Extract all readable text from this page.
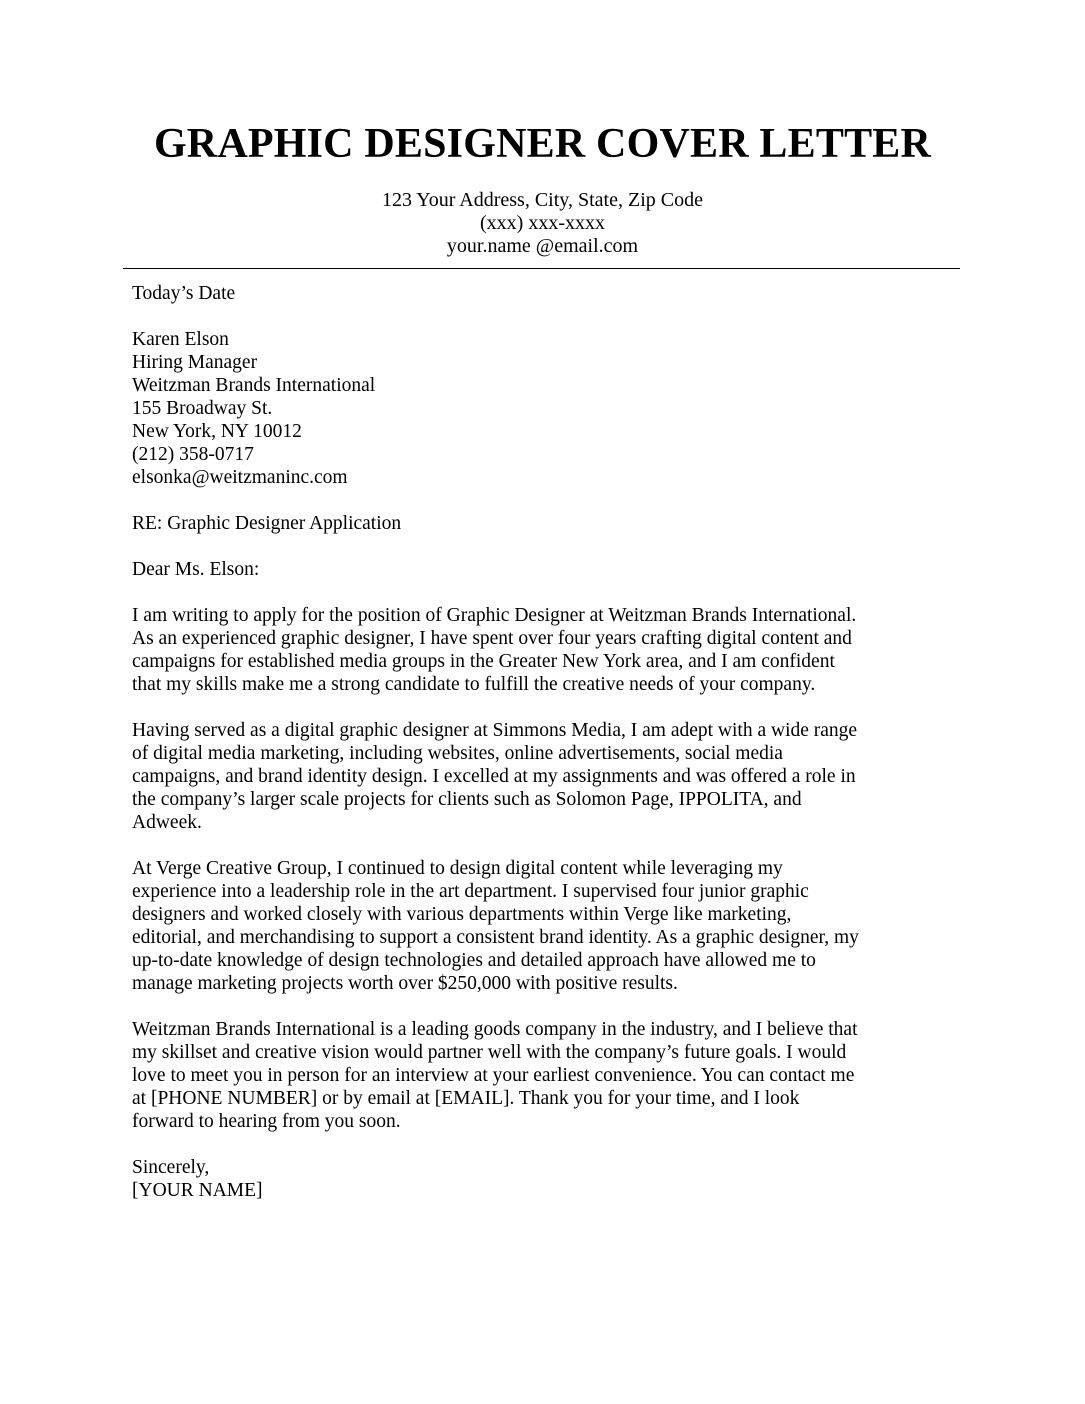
GRAPHIC DESIGNER COVER LETTER
123 Your Address, City, State, Zip Code
(xxx) xxx-xxxx
your.name @email.com
Today’s Date
Karen Elson
Hiring Manager
Weitzman Brands International
155 Broadway St.
New York, NY 10012
(212) 358-0717
elsonka@weitzmaninc.com
RE: Graphic Designer Application
Dear Ms. Elson:
I am writing to apply for the position of Graphic Designer at Weitzman Brands International.
As an experienced graphic designer, I have spent over four years crafting digital content and
campaigns for established media groups in the Greater New York area, and I am confident
that my skills make me a strong candidate to fulfill the creative needs of your company.
Having served as a digital graphic designer at Simmons Media, I am adept with a wide range
of digital media marketing, including websites, online advertisements, social media
campaigns, and brand identity design. I excelled at my assignments and was offered a role in
the company’s larger scale projects for clients such as Solomon Page, IPPOLITA, and
Adweek.
At Verge Creative Group, I continued to design digital content while leveraging my
experience into a leadership role in the art department. I supervised four junior graphic
designers and worked closely with various departments within Verge like marketing,
editorial, and merchandising to support a consistent brand identity. As a graphic designer, my
up-to-date knowledge of design technologies and detailed approach have allowed me to
manage marketing projects worth over $250,000 with positive results.
Weitzman Brands International is a leading goods company in the industry, and I believe that
my skillset and creative vision would partner well with the company’s future goals. I would
love to meet you in person for an interview at your earliest convenience. You can contact me
at [PHONE NUMBER] or by email at [EMAIL]. Thank you for your time, and I look
forward to hearing from you soon.
Sincerely,
[YOUR NAME]
